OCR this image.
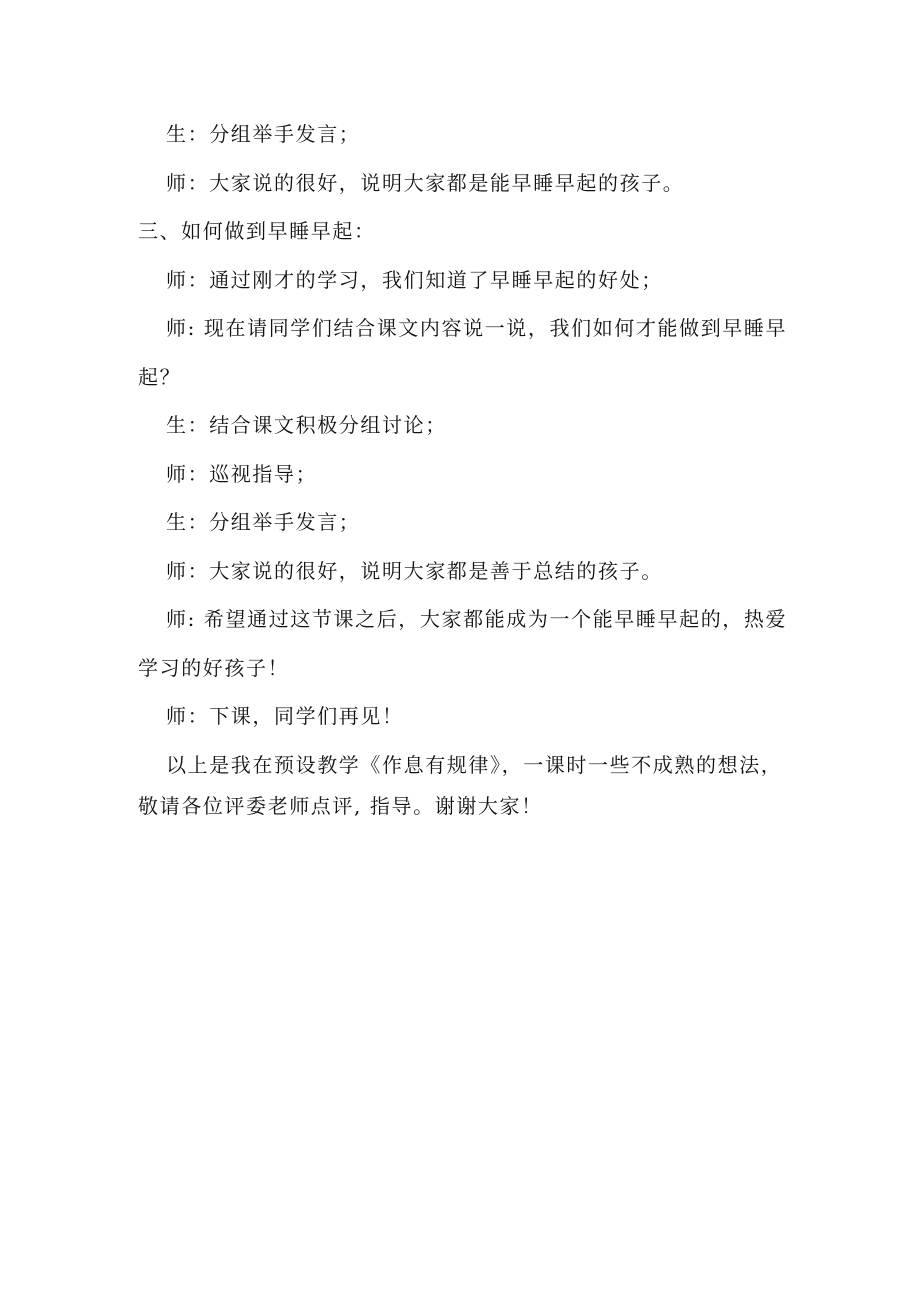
生：分组举手发言；

师：大家说的很好，说明大家都是能早睡早起的孩子。

三、如何做到早睡早起：

师：通过刚才的学习，我们知道了早睡早起的好处；

师: 现在请同学们结合课文内容说一说，我们如何才能做到早睡早起？

生：结合课文积极分组讨论；

师：巡视指导；

生：分组举手发言；

师：大家说的很好，说明大家都是善于总结的孩子。

师: 希望通过这节课之后，大家都能成为一个能早睡早起的，热爱学习的好孩子！

师：下课，同学们再见！

以上是我在预设教学《作息有规律》，一课时一些不成熟的想法，敬请各位评委老师点评, 指导。谢谢大家！
